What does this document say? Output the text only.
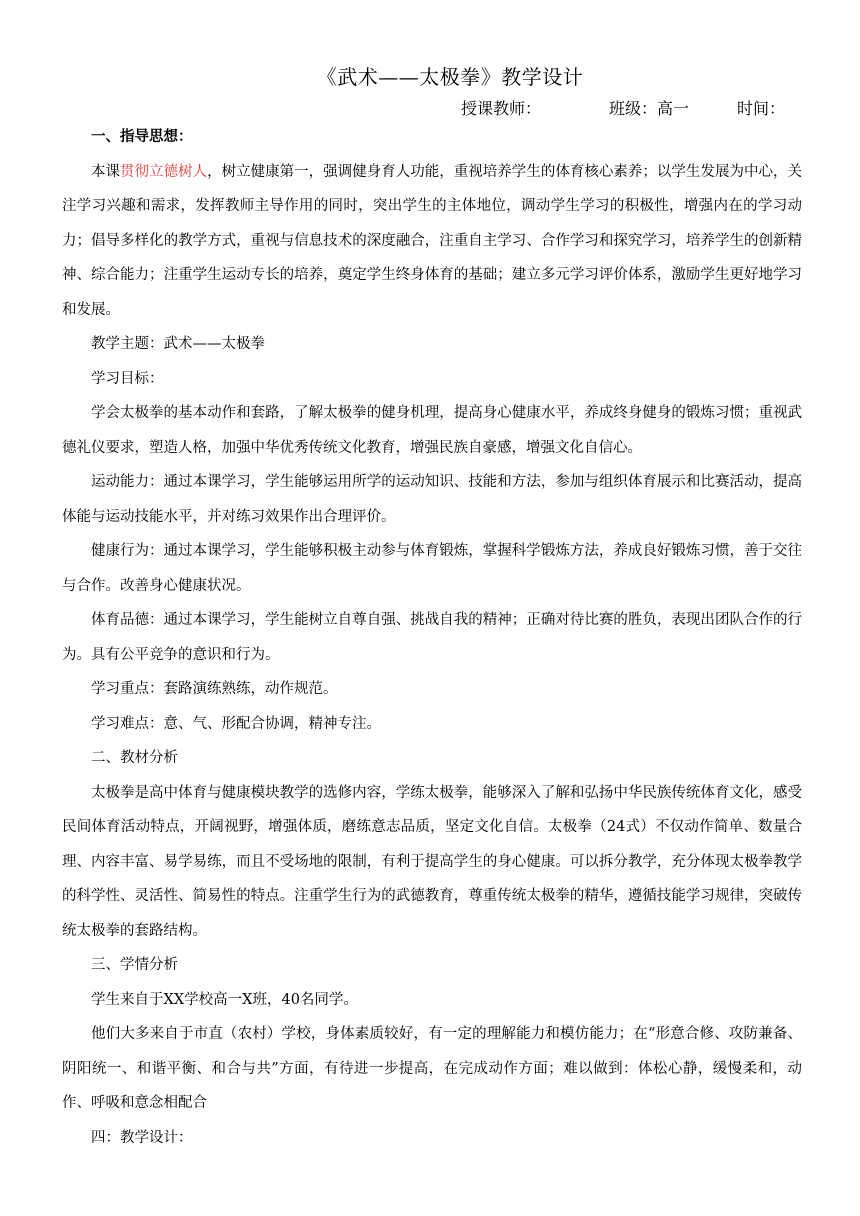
《武术——太极拳》教学设计
授课教师：	班级：高一	时间：

一、指导思想：

本课贯彻立德树人，树立健康第一，强调健身育人功能，重视培养学生的体育核心素养；以学生发展为中心，关注学习兴趣和需求，发挥教师主导作用的同时，突出学生的主体地位，调动学生学习的积极性，增强内在的学习动力；倡导多样化的教学方式，重视与信息技术的深度融合，注重自主学习、合作学习和探究学习，培养学生的创新精神、综合能力；注重学生运动专长的培养，奠定学生终身体育的基础；建立多元学习评价体系，激励学生更好地学习和发展。

教学主题：武术——太极拳

学习目标：

学会太极拳的基本动作和套路，了解太极拳的健身机理，提高身心健康水平，养成终身健身的锻炼习惯；重视武德礼仪要求，塑造人格，加强中华优秀传统文化教育，增强民族自豪感，增强文化自信心。

运动能力：通过本课学习，学生能够运用所学的运动知识、技能和方法，参加与组织体育展示和比赛活动，提高体能与运动技能水平，并对练习效果作出合理评价。

健康行为：通过本课学习，学生能够积极主动参与体育锻炼，掌握科学锻炼方法，养成良好锻炼习惯，善于交往与合作。改善身心健康状况。

体育品德：通过本课学习，学生能树立自尊自强、挑战自我的精神；正确对待比赛的胜负，表现出团队合作的行为。具有公平竞争的意识和行为。

学习重点：套路演练熟练，动作规范。

学习难点：意、气、形配合协调，精神专注。

二、教材分析

太极拳是高中体育与健康模块教学的选修内容，学练太极拳，能够深入了解和弘扬中华民族传统体育文化，感受民间体育活动特点，开阔视野，增强体质，磨练意志品质，坚定文化自信。太极拳（24式）不仅动作简单、数量合理、内容丰富、易学易练，而且不受场地的限制，有利于提高学生的身心健康。可以拆分教学，充分体现太极拳教学的科学性、灵活性、简易性的特点。注重学生行为的武德教育，尊重传统太极拳的精华，遵循技能学习规律，突破传统太极拳的套路结构。

三、学情分析

学生来自于XX学校高一X班，40名同学。

他们大多来自于市直（农村）学校，身体素质较好，有一定的理解能力和模仿能力；在“形意合修、攻防兼备、阴阳统一、和谐平衡、和合与共”方面，有待进一步提高，在完成动作方面；难以做到：体松心静，缓慢柔和，动作、呼吸和意念相配合

四：教学设计：
